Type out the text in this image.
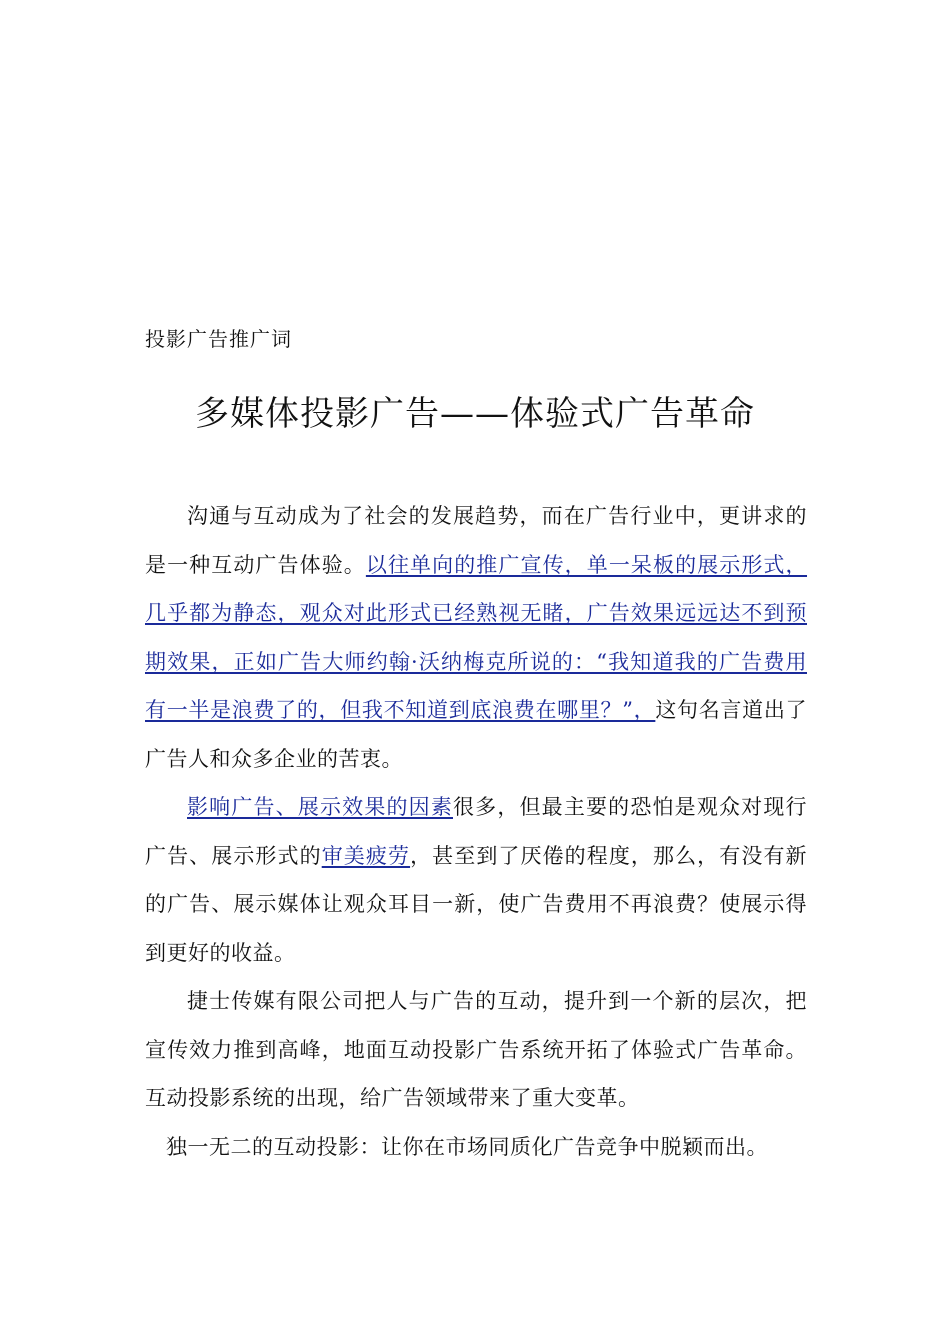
投影广告推广词

多媒体投影广告——体验式广告革命

沟通与互动成为了社会的发展趋势，而在广告行业中，更讲求的是一种互动广告体验。以往单向的推广宣传，单一呆板的展示形式，几乎都为静态，观众对此形式已经熟视无睹，广告效果远远达不到预期效果，正如广告大师约翰·沃纳梅克所说的：“我知道我的广告费用有一半是浪费了的，但我不知道到底浪费在哪里？”，这句名言道出了广告人和众多企业的苦衷。

影响广告、展示效果的因素很多，但最主要的恐怕是观众对现行广告、展示形式的审美疲劳，甚至到了厌倦的程度，那么，有没有新的广告、展示媒体让观众耳目一新，使广告费用不再浪费？使展示得到更好的收益。

捷士传媒有限公司把人与广告的互动，提升到一个新的层次，把宣传效力推到高峰，地面互动投影广告系统开拓了体验式广告革命。互动投影系统的出现，给广告领域带来了重大变革。

独一无二的互动投影：让你在市场同质化广告竞争中脱颖而出。
